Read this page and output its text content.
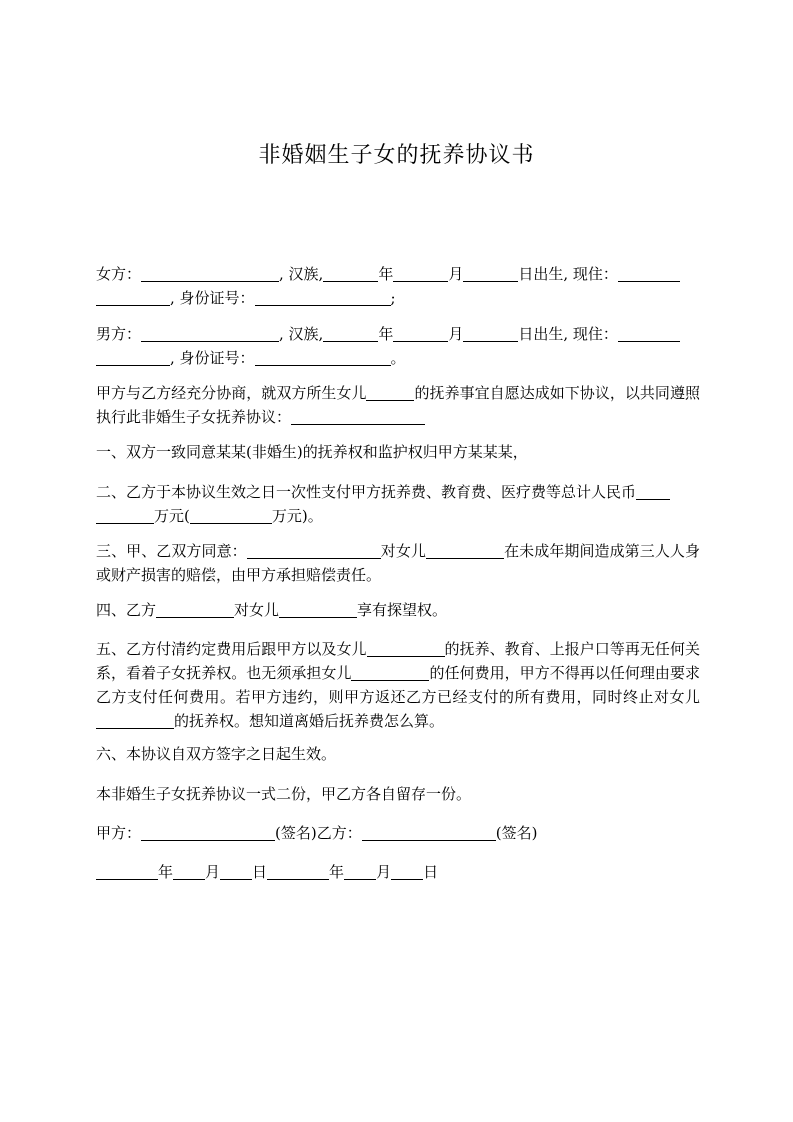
非婚姻生子女的抚养协议书
女方：	, 汉族,	年	月	日出生, 现住：
, 身份证号：	;
男方：	, 汉族,	年	月	日出生, 现住：
, 身份证号：	。
甲方与乙方经充分协商，就双方所生女儿	的抚养事宜自愿达成如下协议，以共同遵照执行此非婚生子女抚养协议：
一、双方一致同意某某(非婚生)的抚养权和监护权归甲方某某某，
二、乙方于本协议生效之日一次性支付甲方抚养费、教育费、医疗费等总计人民币
万元(	万元)。
三、甲、乙双方同意：	对女儿	在未成年期间造成第三人人身或财产损害的赔偿，由甲方承担赔偿责任。
四、乙方	对女儿	享有探望权。
五、乙方付清约定费用后跟甲方以及女儿	的抚养、教育、上报户口等再无任何关系，看着子女抚养权。也无须承担女儿	的任何费用，甲方不得再以任何理由要求乙方支付任何费用。若甲方违约，则甲方返还乙方已经支付的所有费用，同时终止对女儿的抚养权。想知道离婚后抚养费怎么算。
六、本协议自双方签字之日起生效。
本非婚生子女抚养协议一式二份，甲乙方各自留存一份。
甲方：	(签名)乙方：	(签名)
年 月 日	年 月 日
